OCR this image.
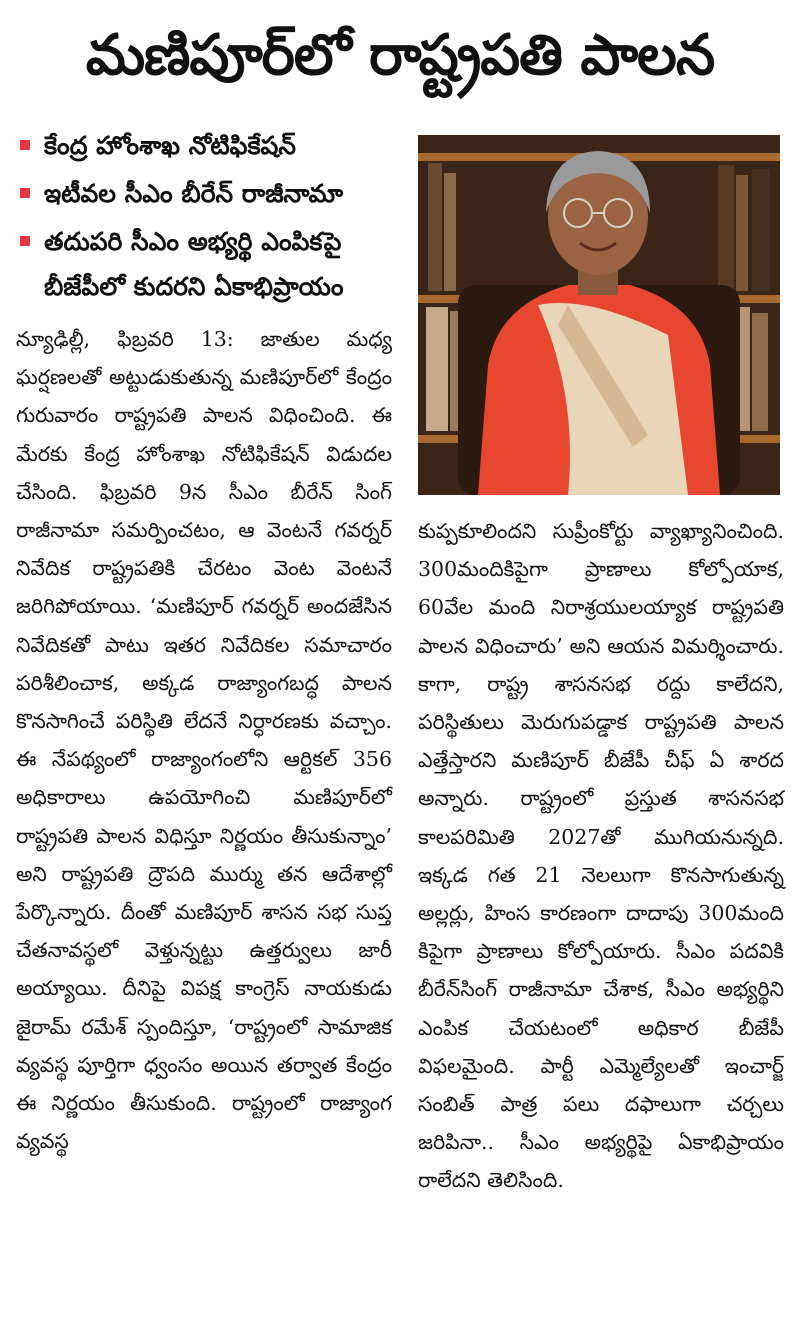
మణిపూర్‌లో రాష్ట్రపతి పాలన
కేంద్ర హోంశాఖ నోటిఫికేషన్
ఇటీవల సీఎం బీరేన్ రాజీనామా
తదుపరి సీఎం అభ్యర్థి ఎంపికపై
బీజేపీలో కుదరని ఏకాభిప్రాయం

న్యూఢిల్లీ, ఫిబ్రవరి 13: జాతుల మధ్య ఘర్షణలతో అట్టుడుకుతున్న మణిపూర్‌లో కేంద్రం గురువారం రాష్ట్రపతి పాలన విధించింది. ఈ మేరకు కేంద్ర హోంశాఖ నోటిఫికేషన్ విడుదల చేసింది. ఫిబ్రవరి 9న సీఎం బీరేన్ సింగ్ రాజీనామా సమర్పించటం, ఆ వెంటనే గవర్నర్ నివేదిక రాష్ట్రపతికి చేరటం వెంట వెంటనే జరిగిపోయాయి. ‘మణిపూర్ గవర్నర్ అందజేసిన నివేదికతో పాటు ఇతర నివేదికల సమాచారం పరిశీలించాక, అక్కడ రాజ్యాంగబద్ధ పాలన కొనసాగించే పరిస్థితి లేదనే నిర్ధారణకు వచ్చాం. ఈ నేపథ్యంలో రాజ్యాంగంలోని ఆర్టికల్ 356 అధికారాలు ఉపయోగించి మణిపూర్‌లో రాష్ట్రపతి పాలన విధిస్తూ నిర్ణయం తీసుకున్నాం’ అని రాష్ట్రపతి ద్రౌపది ముర్ము తన ఆదేశాల్లో పేర్కొన్నారు. దీంతో మణిపూర్ శాసన సభ సుప్త చేతనావస్థలో వెళ్తున్నట్టు ఉత్తర్వులు జారీ అయ్యాయి. దీనిపై విపక్ష కాంగ్రెస్ నాయకుడు జైరామ్ రమేశ్ స్పందిస్తూ, ‘రాష్ట్రంలో సామాజిక వ్యవస్థ పూర్తిగా ధ్వంసం అయిన తర్వాత కేంద్రం ఈ నిర్ణయం తీసుకుంది. రాష్ట్రంలో రాజ్యాంగ వ్యవస్థ

కుప్పకూలిందని సుప్రీంకోర్టు వ్యాఖ్యానించింది. 300మందికిపైగా ప్రాణాలు కోల్పోయాక, 60వేల మంది నిరాశ్రయులయ్యాక రాష్ట్రపతి పాలన విధించారు’ అని ఆయన విమర్శించారు. కాగా, రాష్ట్ర శాసనసభ రద్దు కాలేదని, పరిస్థితులు మెరుగుపడ్డాక రాష్ట్రపతి పాలన ఎత్తేస్తారని మణిపూర్ బీజేపీ చీఫ్ ఏ శారద అన్నారు. రాష్ట్రంలో ప్రస్తుత శాసనసభ కాలపరిమితి 2027తో ముగియనున్నది. ఇక్కడ గత 21 నెలలుగా కొనసాగుతున్న అల్లర్లు, హింస కారణంగా దాదాపు 300మంది కిపైగా ప్రాణాలు కోల్పోయారు. సీఎం పదవికి బీరేన్‌సింగ్ రాజీనామా చేశాక, సీఎం అభ్యర్థిని ఎంపిక చేయటంలో అధికార బీజేపీ విఫలమైంది. పార్టీ ఎమ్మెల్యేలతో ఇంచార్జ్ సంబిత్ పాత్ర పలు దఫాలుగా చర్చలు జరిపినా.. సీఎం అభ్యర్థిపై ఏకాభిప్రాయం రాలేదని తెలిసింది.
